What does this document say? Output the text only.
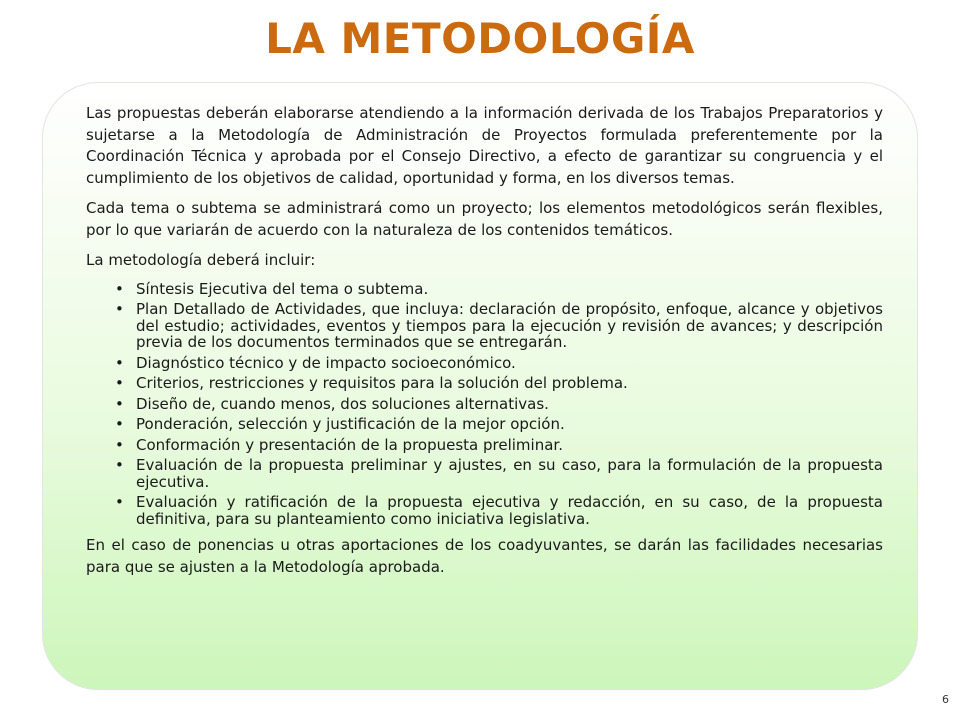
LA METODOLOGÍA

Las propuestas deberán elaborarse atendiendo a la información derivada de los Trabajos Preparatorios y sujetarse a la Metodología de Administración de Proyectos formulada preferentemente por la Coordinación Técnica y aprobada por el Consejo Directivo, a efecto de garantizar su congruencia y el cumplimiento de los objetivos de calidad, oportunidad y forma, en los diversos temas.

Cada tema o subtema se administrará como un proyecto; los elementos metodológicos serán flexibles, por lo que variarán de acuerdo con la naturaleza de los contenidos temáticos.

La metodología deberá incluir:

• Síntesis Ejecutiva del tema o subtema.
• Plan Detallado de Actividades, que incluya: declaración de propósito, enfoque, alcance y objetivos del estudio; actividades, eventos y tiempos para la ejecución y revisión de avances; y descripción previa de los documentos terminados que se entregarán.
• Diagnóstico técnico y de impacto socioeconómico.
• Criterios, restricciones y requisitos para la solución del problema.
• Diseño de, cuando menos, dos soluciones alternativas.
• Ponderación, selección y justificación de la mejor opción.
• Conformación y presentación de la propuesta preliminar.
• Evaluación de la propuesta preliminar y ajustes, en su caso, para la formulación de la propuesta ejecutiva.
• Evaluación y ratificación de la propuesta ejecutiva y redacción, en su caso, de la propuesta definitiva, para su planteamiento como iniciativa legislativa.

En el caso de ponencias u otras aportaciones de los coadyuvantes, se darán las facilidades necesarias para que se ajusten a la Metodología aprobada.

6
